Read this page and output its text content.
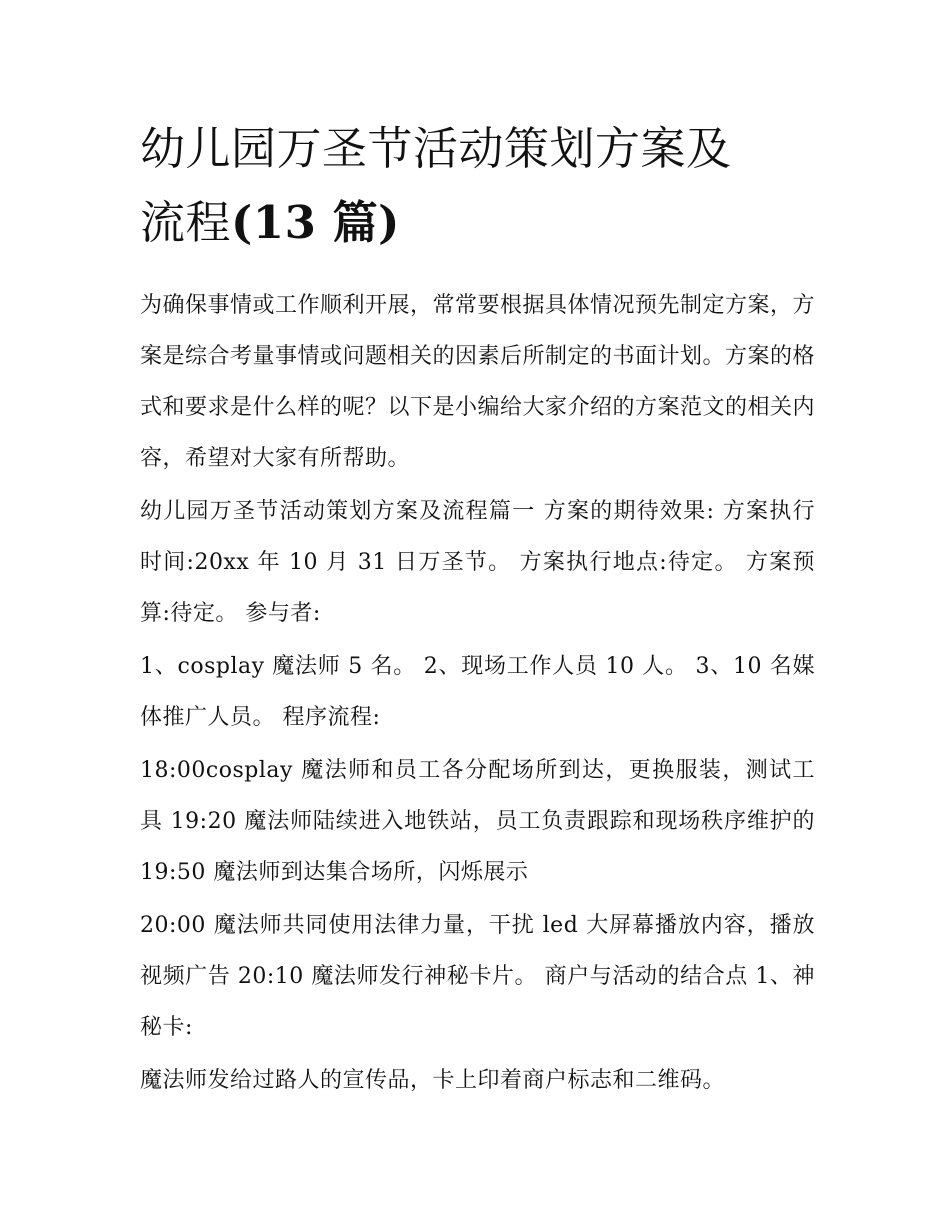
幼儿园万圣节活动策划方案及
流程(13 篇)

为确保事情或工作顺利开展，常常要根据具体情况预先制定方案，方案是综合考量事情或问题相关的因素后所制定的书面计划。方案的格式和要求是什么样的呢？以下是小编给大家介绍的方案范文的相关内容，希望对大家有所帮助。

幼儿园万圣节活动策划方案及流程篇一 方案的期待效果: 方案执行时间:20xx 年 10 月 31 日万圣节。 方案执行地点:待定。 方案预算:待定。 参与者:

1、cosplay 魔法师 5 名。 2、现场工作人员 10 人。 3、10 名媒体推广人员。 程序流程:

18:00cosplay 魔法师和员工各分配场所到达，更换服装，测试工具 19:20 魔法师陆续进入地铁站，员工负责跟踪和现场秩序维护的 19:50 魔法师到达集合场所，闪烁展示

20:00 魔法师共同使用法律力量，干扰 led 大屏幕播放内容，播放视频广告 20:10 魔法师发行神秘卡片。 商户与活动的结合点 1、神秘卡:

魔法师发给过路人的宣传品，卡上印着商户标志和二维码。
